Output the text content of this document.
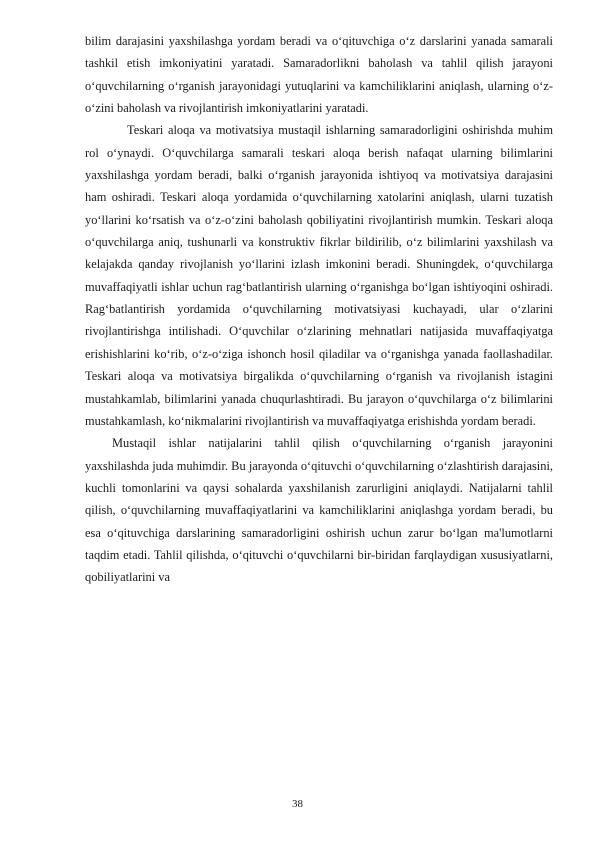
bilim darajasini yaxshilashga yordam beradi va o‘qituvchiga o‘z darslarini yanada samarali tashkil etish imkoniyatini yaratadi. Samaradorlikni baholash va tahlil qilish jarayoni o‘quvchilarning o‘rganish jarayonidagi yutuqlarini va kamchiliklarini aniqlash, ularning o‘z-o‘zini baholash va rivojlantirish imkoniyatlarini yaratadi.

Teskari aloqa va motivatsiya mustaqil ishlarning samaradorligini oshirishda muhim rol o‘ynaydi. O‘quvchilarga samarali teskari aloqa berish nafaqat ularning bilimlarini yaxshilashga yordam beradi, balki o‘rganish jarayonida ishtiyoq va motivatsiya darajasini ham oshiradi. Teskari aloqa yordamida o‘quvchilarning xatolarini aniqlash, ularni tuzatish yo‘llarini ko‘rsatish va o‘z-o‘zini baholash qobiliyatini rivojlantirish mumkin. Teskari aloqa o‘quvchilarga aniq, tushunarli va konstruktiv fikrlar bildirilib, o‘z bilimlarini yaxshilash va kelajakda qanday rivojlanish yo‘llarini izlash imkonini beradi. Shuningdek, o‘quvchilarga muvaffaqiyatli ishlar uchun rag‘batlantirish ularning o‘rganishga bo‘lgan ishtiyoqini oshiradi. Rag‘batlantirish yordamida o‘quvchilarning motivatsiyasi kuchayadi, ular o‘zlarini rivojlantirishga intilishadi. O‘quvchilar o‘zlarining mehnatlari natijasida muvaffaqiyatga erishishlarini ko‘rib, o‘z-o‘ziga ishonch hosil qiladilar va o‘rganishga yanada faollashadilar. Teskari aloqa va motivatsiya birgalikda o‘quvchilarning o‘rganish va rivojlanish istagini mustahkamlab, bilimlarini yanada chuqurlashtiradi. Bu jarayon o‘quvchilarga o‘z bilimlarini mustahkamlash, ko‘nikmalarini rivojlantirish va muvaffaqiyatga erishishda yordam beradi.

Mustaqil ishlar natijalarini tahlil qilish o‘quvchilarning o‘rganish jarayonini yaxshilashda juda muhimdir. Bu jarayonda o‘qituvchi o‘quvchilarning o‘zlashtirish darajasini, kuchli tomonlarini va qaysi sohalarda yaxshilanish zarurligini aniqlaydi. Natijalarni tahlil qilish, o‘quvchilarning muvaffaqiyatlarini va kamchiliklarini aniqlashga yordam beradi, bu esa o‘qituvchiga darslarining samaradorligini oshirish uchun zarur bo‘lgan ma'lumotlarni taqdim etadi. Tahlil qilishda, o‘qituvchi o‘quvchilarni bir-biridan farqlaydigan xususiyatlarni, qobiliyatlarini va

38
